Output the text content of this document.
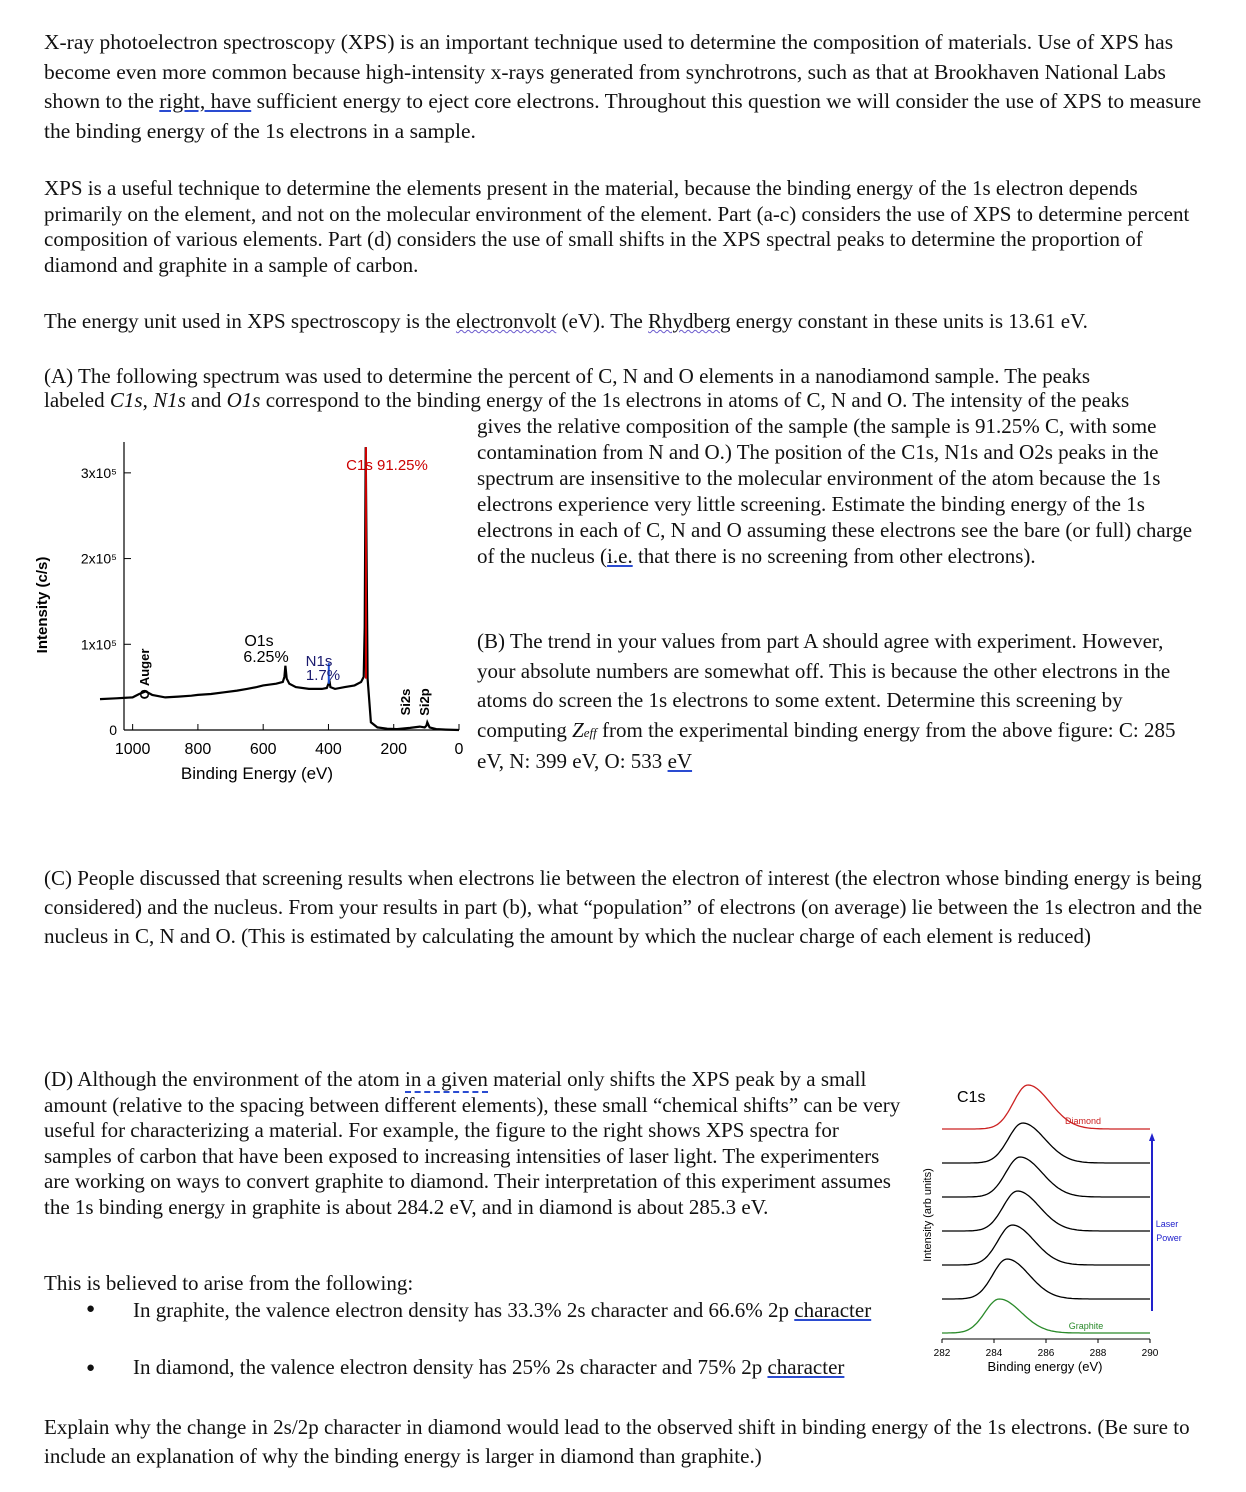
X-ray photoelectron spectroscopy (XPS) is an important technique used to determine the composition of materials. Use of XPS has become even more common because high-intensity x-rays generated from synchrotrons, such as that at Brookhaven National Labs shown to the right, have sufficient energy to eject core electrons. Throughout this question we will consider the use of XPS to measure the binding energy of the 1s electrons in a sample.
XPS is a useful technique to determine the elements present in the material, because the binding energy of the 1s electron depends primarily on the element, and not on the molecular environment of the element. Part (a-c) considers the use of XPS to determine percent composition of various elements. Part (d) considers the use of small shifts in the XPS spectral peaks to determine the proportion of diamond and graphite in a sample of carbon.
The energy unit used in XPS spectroscopy is the electronvolt (eV). The Rhydberg energy constant in these units is 13.61 eV.
(A) The following spectrum was used to determine the percent of C, N and O elements in a nanodiamond sample. The peaks
labeled C1s, N1s and O1s correspond to the binding energy of the 1s electrons in atoms of C, N and O. The intensity of the peaks
gives the relative composition of the sample (the sample is 91.25% C, with some contamination from N and O.) The position of the C1s, N1s and O2s peaks in the spectrum are insensitive to the molecular environment of the atom because the 1s electrons experience very little screening. Estimate the binding energy of the 1s electrons in each of C, N and O assuming these electrons see the bare (or full) charge of the nucleus (i.e. that there is no screening from other electrons).
1000 800 600 400 200	0
0
1x10⁵
2x10⁵
3x10⁵
Intensity (c/s)
Binding Energy (eV)
C1s 91.25%
O1s
6.25% N1s
1.7%
O Auger
Si2s Si2p
(B) The trend in your values from part A should agree with experiment. However, your absolute numbers are somewhat off. This is because the other electrons in the atoms do screen the 1s electrons to some extent. Determine this screening by computing Zeff from the experimental binding energy from the above figure: C: 285 eV, N: 399 eV, O: 533 eV
(C) People discussed that screening results when electrons lie between the electron of interest (the electron whose binding energy is being considered) and the nucleus. From your results in part (b), what “population” of electrons (on average) lie between the 1s electron and the nucleus in C, N and O. (This is estimated by calculating the amount by which the nuclear charge of each element is reduced)
(D) Although the environment of the atom in a given material only shifts the XPS peak by a small amount (relative to the spacing between different elements), these small “chemical shifts” can be very useful for characterizing a material. For example, the figure to the right shows XPS spectra for samples of carbon that have been exposed to increasing intensities of laser light. The experimenters are working on ways to convert graphite to diamond. Their interpretation of this experiment assumes the 1s binding energy in graphite is about 284.2 eV, and in diamond is about 285.3 eV.
This is believed to arise from the following:
● In graphite, the valence electron density has 33.3% 2s character and 66.6% 2p character
● In diamond, the valence electron density has 25% 2s character and 75% 2p character
C1s
Diamond
Graphite
Laser
Power
Intensity (arb units)
282	284	286	288	290
Binding energy (eV)
Explain why the change in 2s/2p character in diamond would lead to the observed shift in binding energy of the 1s electrons. (Be sure to include an explanation of why the binding energy is larger in diamond than graphite.)
